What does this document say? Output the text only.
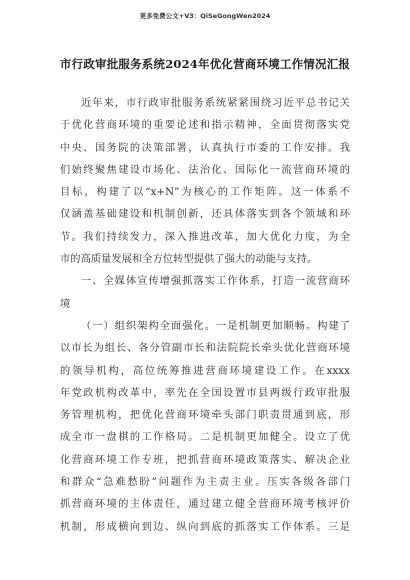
更多免费公文+V3：QiSeGongWen2024
市行政审批服务系统2024年优化营商环境工作情况汇报
近年来，市行政审批服务系统紧紧围绕习近平总书记关
于优化营商环境的重要论述和指示精神，全面贯彻落实党
中央、国务院的决策部署，认真执行市委的工作安排。我
们始终聚焦建设市场化、法治化、国际化一流营商环境的
目标，构建了以“x+N”为核心的工作矩阵。这一体系不
仅涵盖基础建设和机制创新，还具体落实到各个领域和环
节。我们持续发力，深入推进改革，加大优化力度，为全
市的高质量发展和全方位转型提供了强大的动能与支持。
一、全媒体宣传增强抓落实工作体系，打造一流营商环
境
（一）组织架构全面强化。一是机制更加顺畅。构建了
以市长为组长、各分管副市长和法院院长牵头优化营商环境
的领导机构，高位统筹推进营商环境建设工作。在xxxx
年党政机构改革中，率先在全国设置市县两级行政审批服
务管理机构，把优化营商环境牵头部门职责贯通到底，形
成全市一盘棋的工作格局。二是机制更加健全。设立了优
化营商环境工作专班，把抓营商环境政策落实、解决企业
和群众“急难愁盼”问题作为主责主业。压实各级各部门
抓营商环境的主体责任，通过建立健全营商环境考核评价
机制，形成横向到边、纵向到底的抓落实工作体系。三是
